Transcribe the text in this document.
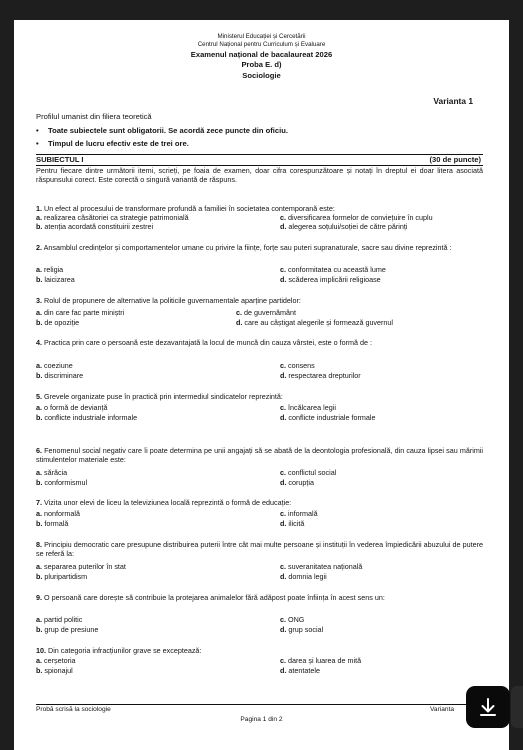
Ministerul Educației și Cercetării
Centrul Național pentru Curriculum și Evaluare
Examenul național de bacalaureat 2026
Proba E. d)
Sociologie
Varianta 1
Profilul umanist din filiera teoretică
• Toate subiectele sunt obligatorii. Se acordă zece puncte din oficiu.
• Timpul de lucru efectiv este de trei ore.
SUBIECTUL I	(30 de puncte)
Pentru fiecare dintre următorii itemi, scrieți, pe foaia de examen, doar cifra corespunzătoare și notați în dreptul ei doar litera asociată răspunsului corect. Este corectă o singură variantă de răspuns.
1. Un efect al procesului de transformare profundă a familiei în societatea contemporană este:
a. realizarea căsătoriei ca strategie patrimonială	c. diversificarea formelor de conviețuire în cuplu
b. atenția acordată constituirii zestrei	d. alegerea soțului/soției de către părinți
2. Ansamblul credințelor și comportamentelor umane cu privire la ființe, forțe sau puteri supranaturale, sacre sau divine reprezintă :
a. religia	c. conformitatea cu această lume
b. laicizarea	d. scăderea implicării religioase
3. Rolul de propunere de alternative la politicile guvernamentale aparține partidelor:
a. din care fac parte miniștri	c. de guvernământ
b. de opoziție	d. care au câștigat alegerile și formează guvernul
4. Practica prin care o persoană este dezavantajată la locul de muncă din cauza vârstei, este o formă de :
a. coeziune	c. consens
b. discriminare	d. respectarea drepturilor
5. Grevele organizate puse în practică prin intermediul sindicatelor reprezintă:
a. o formă de devianță	c. încălcarea legii
b. conflicte industriale informale	d. conflicte industriale formale
6. Fenomenul social negativ care îi poate determina pe unii angajați să se abată de la deontologia profesională, din cauza lipsei sau mărimii stimulentelor materiale este:
a. sărăcia	c. conflictul social
b. conformismul	d. corupția
7. Vizita unor elevi de liceu la televiziunea locală reprezintă o formă de educație:
a. nonformală	c. informală
b. formală	d. ilicită
8. Principiu democratic care presupune distribuirea puterii între cât mai multe persoane și instituții în vederea împiedicării abuzului de putere se referă la:
a. separarea puterilor în stat	c. suveranitatea națională
b. pluripartidism	d. domnia legii
9. O persoană care dorește să contribuie la protejarea animalelor fără adăpost poate înființa în acest sens un:
a. partid politic	c. ONG
b. grup de presiune	d. grup social
10. Din categoria infracțiunilor grave se exceptează:
a. cerșetoria	c. darea și luarea de mită
b. spionajul	d. atentatele
Probă scrisă la sociologie	Varianta
Pagina 1 din 2
